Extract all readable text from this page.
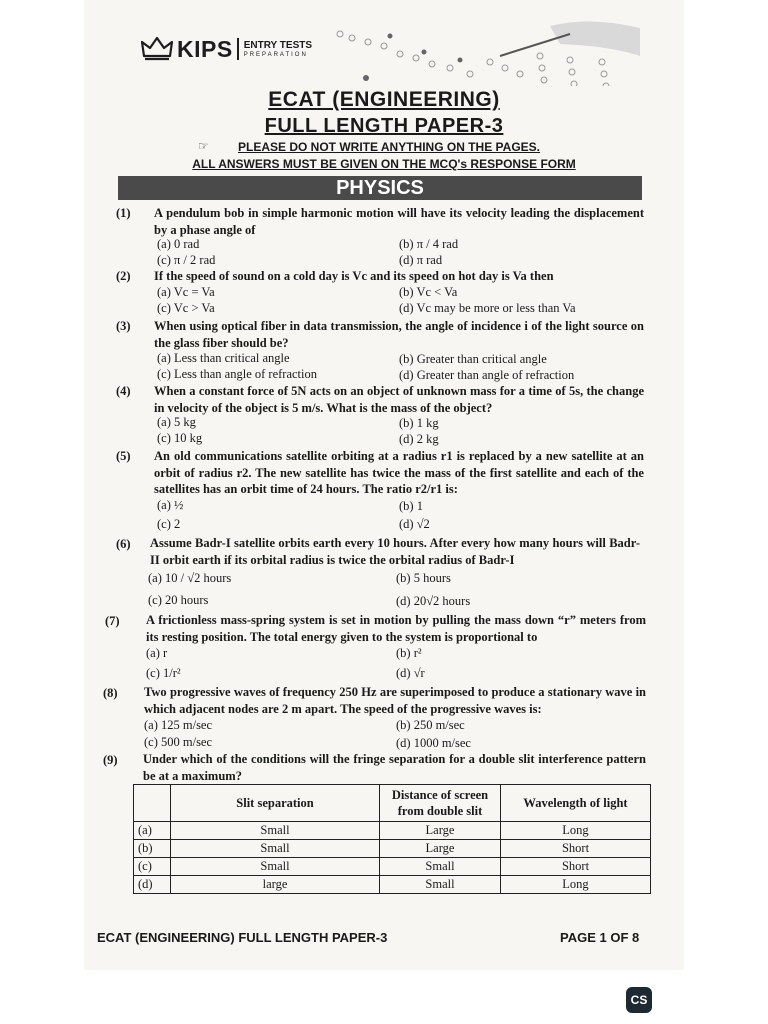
KIPS ENTRY TESTS
PREPARATION
ECAT (ENGINEERING)
FULL LENGTH PAPER-3
☞	PLEASE DO NOT WRITE ANYTHING ON THE PAGES.
ALL ANSWERS MUST BE GIVEN ON THE MCQ's RESPONSE FORM
PHYSICS
(1) A pendulum bob in simple harmonic motion will have its velocity leading the displacement by a phase angle of
(a) 0 rad	(b) π / 4 rad
(c) π / 2 rad	(d) π rad
(2) If the speed of sound on a cold day is Vc and its speed on hot day is Va then
(a) Vc = Va	(b) Vc < Va
(c) Vc > Va	(d) Vc may be more or less than Va
(3) When using optical fiber in data transmission, the angle of incidence i of the light source on the glass fiber should be?
(a) Less than critical angle	(b) Greater than critical angle
(c) Less than angle of refraction	(d) Greater than angle of refraction
(4) When a constant force of 5N acts on an object of unknown mass for a time of 5s, the change in velocity of the object is 5 m/s. What is the mass of the object?
(a) 5 kg	(b) 1 kg
(c) 10 kg	(d) 2 kg
(5) An old communications satellite orbiting at a radius r1 is replaced by a new satellite at an orbit of radius r2. The new satellite has twice the mass of the first satellite and each of the satellites has an orbit time of 24 hours. The ratio r2/r1 is:
(a) ½	(b) 1
(c) 2	(d) √2
(6) Assume Badr-I satellite orbits earth every 10 hours. After every how many hours will Badr-II orbit earth if its orbital radius is twice the orbital radius of Badr-I
(a) 10 / √2 hours	(b) 5 hours
(c) 20 hours	(d) 20√2 hours
(7) A frictionless mass-spring system is set in motion by pulling the mass down “r” meters from its resting position. The total energy given to the system is proportional to
(a) r	(b) r²
(c) 1/r²	(d) √r
(8) Two progressive waves of frequency 250 Hz are superimposed to produce a stationary wave in which adjacent nodes are 2 m apart. The speed of the progressive waves is:
(a) 125 m/sec	(b) 250 m/sec
(c) 500 m/sec	(d) 1000 m/sec
(9) Under which of the conditions will the fringe separation for a double slit interference pattern be at a maximum?
	Slit separation	Distance of screen from double slit	Wavelength of light
(a)	Small	Large	Long
(b)	Small	Large	Short
(c)	Small	Small	Short
(d)	large	Small	Long
ECAT (ENGINEERING) FULL LENGTH PAPER-3	PAGE 1 OF 8
CS
